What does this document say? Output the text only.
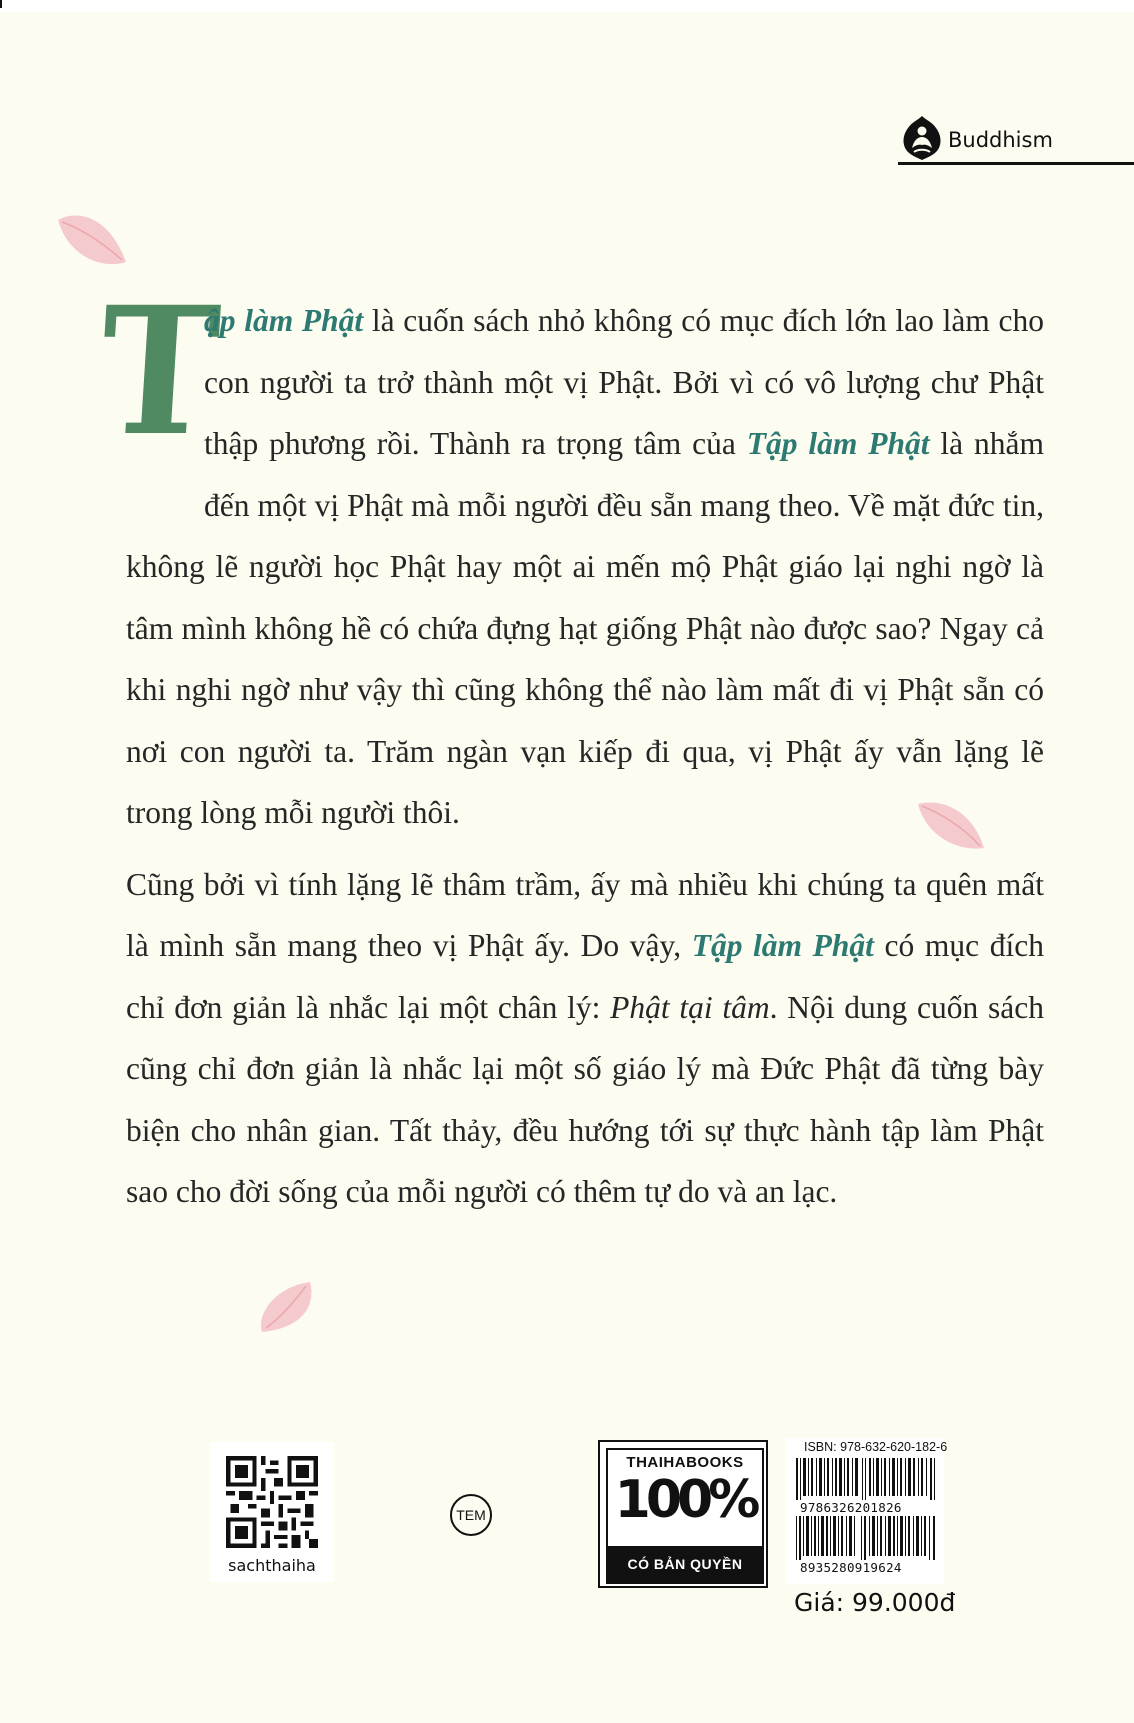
Buddhism
T

ập làm Phật là cuốn sách nhỏ không có mục đích lớn lao làm cho con người ta trở thành một vị Phật. Bởi vì có vô lượng chư Phật thập phương rồi. Thành ra trọng tâm của Tập làm Phật là nhắm đến một vị Phật mà mỗi người đều sẵn mang theo. Về mặt đức tin, không lẽ người học Phật hay một ai mến mộ Phật giáo lại nghi ngờ là tâm mình không hề có chứa đựng hạt giống Phật nào được sao? Ngay cả khi nghi ngờ như vậy thì cũng không thể nào làm mất đi vị Phật sẵn có nơi con người ta. Trăm ngàn vạn kiếp đi qua, vị Phật ấy vẫn lặng lẽ trong lòng mỗi người thôi.

Cũng bởi vì tính lặng lẽ thâm trầm, ấy mà nhiều khi chúng ta quên mất là mình sẵn mang theo vị Phật ấy. Do vậy, Tập làm Phật có mục đích chỉ đơn giản là nhắc lại một chân lý: Phật tại tâm. Nội dung cuốn sách cũng chỉ đơn giản là nhắc lại một số giáo lý mà Đức Phật đã từng bày biện cho nhân gian. Tất thảy, đều hướng tới sự thực hành tập làm Phật sao cho đời sống của mỗi người có thêm tự do và an lạc.

sachthaiha
TEM
THAIHABOOKS
100%
CÓ BẢN QUYỀN
ISBN: 978-632-620-182-6
9786326201826
8935280919624
Giá: 99.000đ
